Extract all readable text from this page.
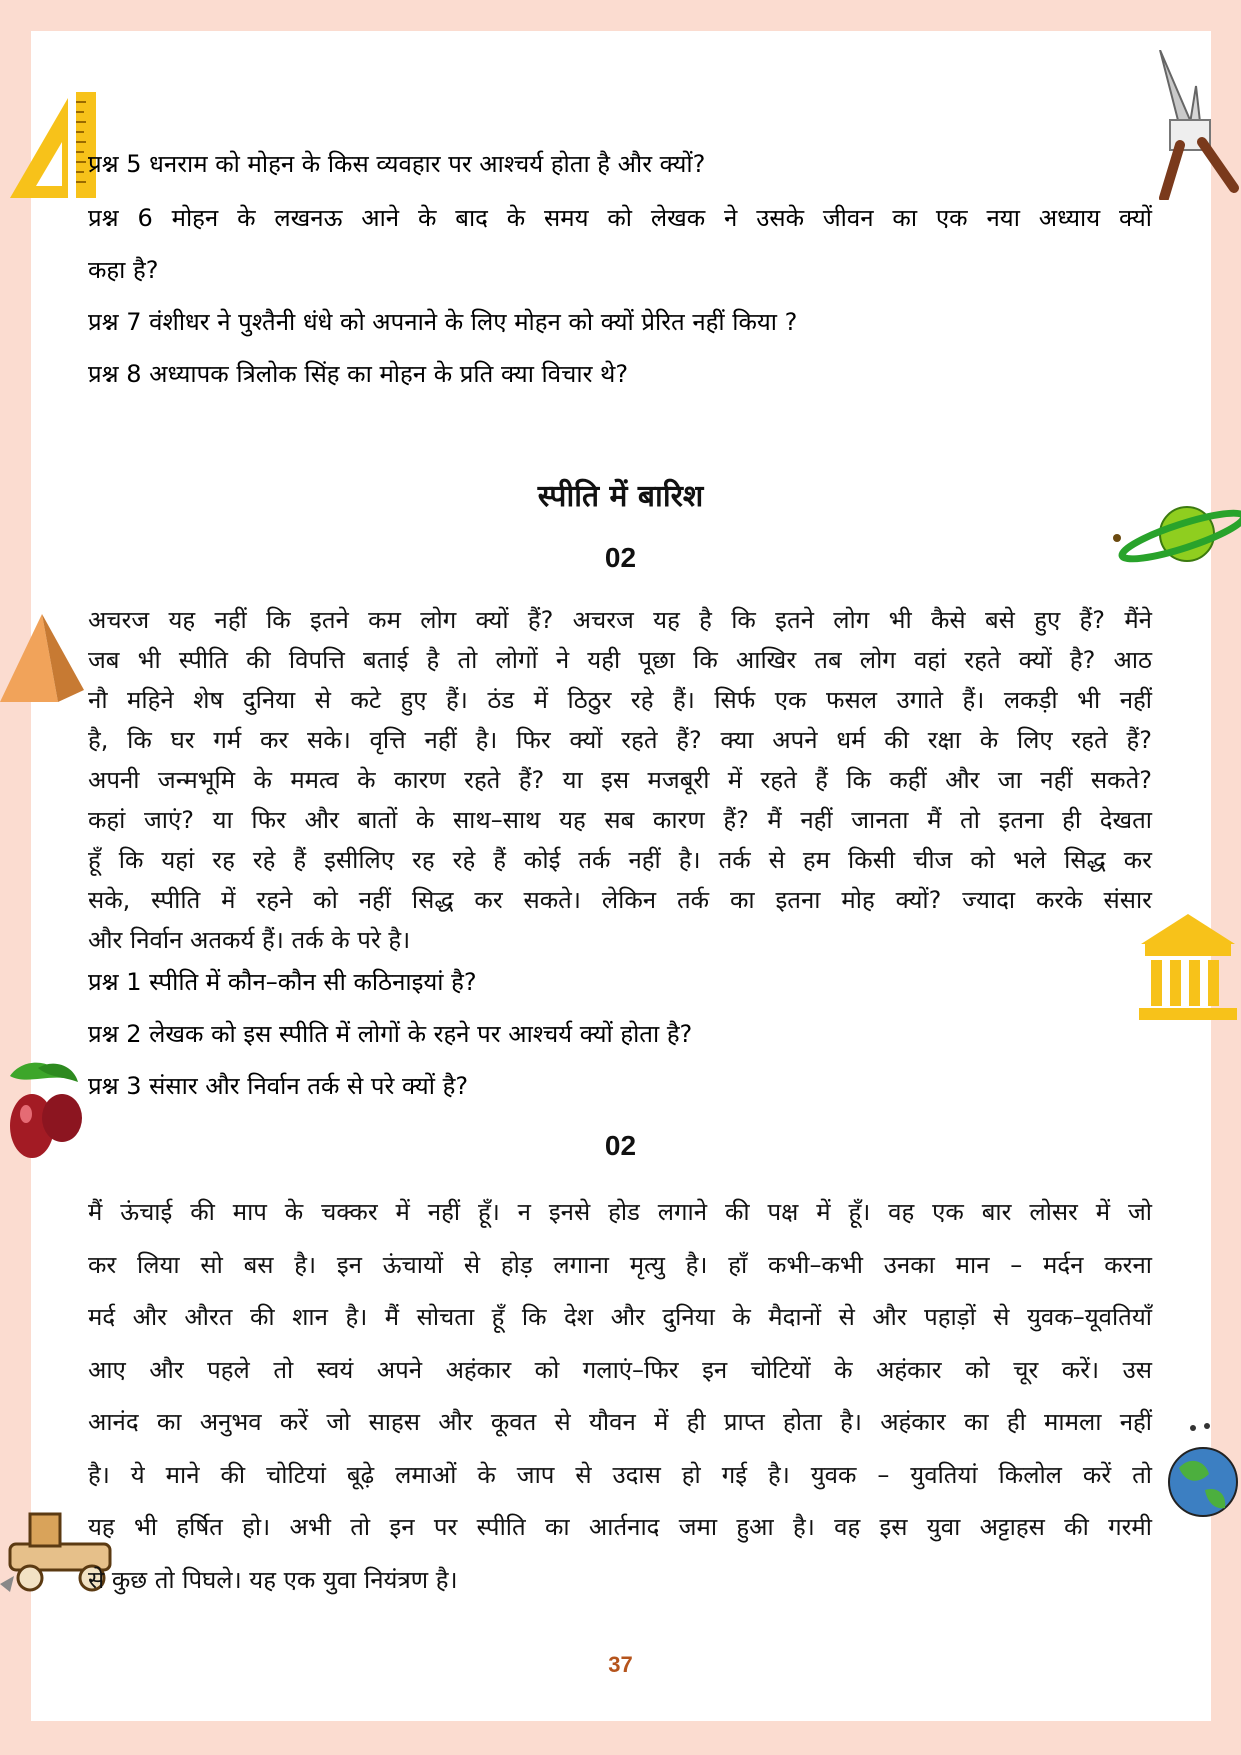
प्रश्न 5 धनराम को मोहन के किस व्यवहार पर आश्चर्य होता है और क्यों?
प्रश्न 6 मोहन के लखनऊ आने के बाद के समय को लेखक ने उसके जीवन का एक नया अध्याय क्यों
कहा है?
प्रश्न 7 वंशीधर ने पुश्तैनी धंधे को अपनाने के लिए मोहन को क्यों प्रेरित नहीं किया ?
प्रश्न 8 अध्यापक त्रिलोक सिंह का मोहन के प्रति क्या विचार थे?
स्पीति में बारिश
02
अचरज यह नहीं कि इतने कम लोग क्यों हैं? अचरज यह है कि इतने लोग भी कैसे बसे हुए हैं? मैंने
जब भी स्पीति की विपत्ति बताई है तो लोगों ने यही पूछा कि आखिर तब लोग वहां रहते क्यों है? आठ
नौ महिने शेष दुनिया से कटे हुए हैं। ठंड में ठिठुर रहे हैं। सिर्फ एक फसल उगाते हैं। लकड़ी भी नहीं
है, कि घर गर्म कर सके। वृत्ति नहीं है। फिर क्यों रहते हैं? क्या अपने धर्म की रक्षा के लिए रहते हैं?
अपनी जन्मभूमि के ममत्व के कारण रहते हैं? या इस मजबूरी में रहते हैं कि कहीं और जा नहीं सकते?
कहां जाएं? या फिर और बातों के साथ–साथ यह सब कारण हैं? मैं नहीं जानता मैं तो इतना ही देखता
हूँ कि यहां रह रहे हैं इसीलिए रह रहे हैं कोई तर्क नहीं है। तर्क से हम किसी चीज को भले सिद्ध कर
सके, स्पीति में रहने को नहीं सिद्ध कर सकते। लेकिन तर्क का इतना मोह क्यों? ज्यादा करके संसार
और निर्वान अतकर्य हैं। तर्क के परे है।
प्रश्न 1 स्पीति में कौन–कौन सी कठिनाइयां है?
प्रश्न 2 लेखक को इस स्पीति में लोगों के रहने पर आश्चर्य क्यों होता है?
प्रश्न 3 संसार और निर्वान तर्क से परे क्यों है?
02
मैं ऊंचाई की माप के चक्कर में नहीं हूँ। न इनसे होड लगाने की पक्ष में हूँ। वह एक बार लोसर में जो
कर लिया सो बस है। इन ऊंचायों से होड़ लगाना मृत्यु है। हाँ कभी–कभी उनका मान – मर्दन करना
मर्द और औरत की शान है। मैं सोचता हूँ कि देश और दुनिया के मैदानों से और पहाड़ों से युवक–यूवतियाँ
आए और पहले तो स्वयं अपने अहंकार को गलाएं–फिर इन चोटियों के अहंकार को चूर करें। उस
आनंद का अनुभव करें जो साहस और कूवत से यौवन में ही प्राप्त होता है। अहंकार का ही मामला नहीं
है। ये माने की चोटियां बूढ़े लमाओं के जाप से उदास हो गई है। युवक – युवतियां किलोल करें तो
यह भी हर्षित हो। अभी तो इन पर स्पीति का आर्तनाद जमा हुआ है। वह इस युवा अट्टाहस की गरमी
से कुछ तो पिघले। यह एक युवा नियंत्रण है।
37
